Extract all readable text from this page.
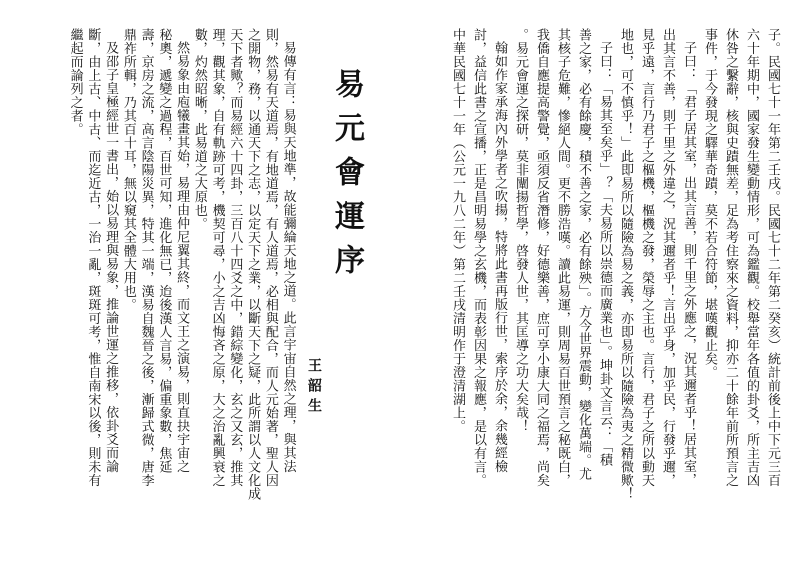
子。民國七十一年第二壬戌。民國七十二年第二癸亥）統計前後上中下元三百
六十年期中，國家發生變動情形，可為鑑觀。校舉當年各值的卦爻，所主吉凶
休咎之繫辭，核與史蹟無差，足為考住察來之資料，抑亦二十餘年前所預言之
事件，于今發現之驛華奇蹟，莫不若合符節，堪嘆觀止矣。
子曰：「君子居其室，出其言善，則千里之外應之，況其邇者乎！居其室，
出其言不善，則千里之外違之，況其邇者乎！言出乎身，加乎民，行發乎邇，
見乎遠，言行乃君子之樞機，樞機之發，榮辱之主也。言行，君子之所以動天
地也，可不慎乎！」此即易所以隨險為易之義，亦即易所以隨險為夷之精微歟！
子曰：「易其至矣乎」？「夫易所以崇德而廣業也」。坤卦文言云：「積
善之家，必有餘慶，積不善之家，必有餘殃」。方今世界震動，變化萬端。尤
其核子危難，慘絕人間。更不勝浩嘆。讀此易運，則周易百世預言之秘既白，
我僑自應提高警覺，亟須反省潛修，好德樂善，庶可享小康大同之福焉，尚矣
。易元會運之探研，莫非闡揚哲學，啓發人世，其匡導之功大矣哉！
翰如作家承海內外學者之吹揚，特將此書再版行世，索序於余，余幾經檢
討，益信此書之宣播，正是昌明易學之玄機，而表彰因果之報應，是以有言。
中華民國七十一年（公元一九八二年）第二壬戌清明作于澄清湖上。
易元會運序
王韶生
易傳有言：易與天地準，故能彌綸天地之道。此言宇宙自然之理，與其法
則，然易有天道焉，有地道焉，有人道焉，必相與配合，而人元始著，聖人因
之開物，務，以通天下之志，以定天下之業，以斷天下之疑，此所謂以人文化成
天下者歟？而易經六十四卦，三百八十四爻之中，錯綜變化，玄之又玄，推其
理，觀其象，自有軌跡可考，機契可尋，小之吉凶悔吝之原，大之治亂興衰之
數，灼然昭晰，此易道之大原也。
然易象由庖犧畫其始，易理由仲尼翼其終，而文王之演易，則直抉宇宙之
秘奧，遞變之過程，百世可知，進化無已，迨後漢人言易，偏重象數，焦延
壽，京房之流，高言陰陽災異，特其一端，漢易自魏晉之後，漸歸式微，唐李
鼎祚所輯，乃其百十耳，無以窺其全體大用也。
及邵子皇極經世一書出，始以易理與易象，推論世運之推移，依卦爻而論
斷，由上古、中古、而迄近古，一治一亂，斑斑可考，惟自南宋以後，則未有
繼起而論列之者。
